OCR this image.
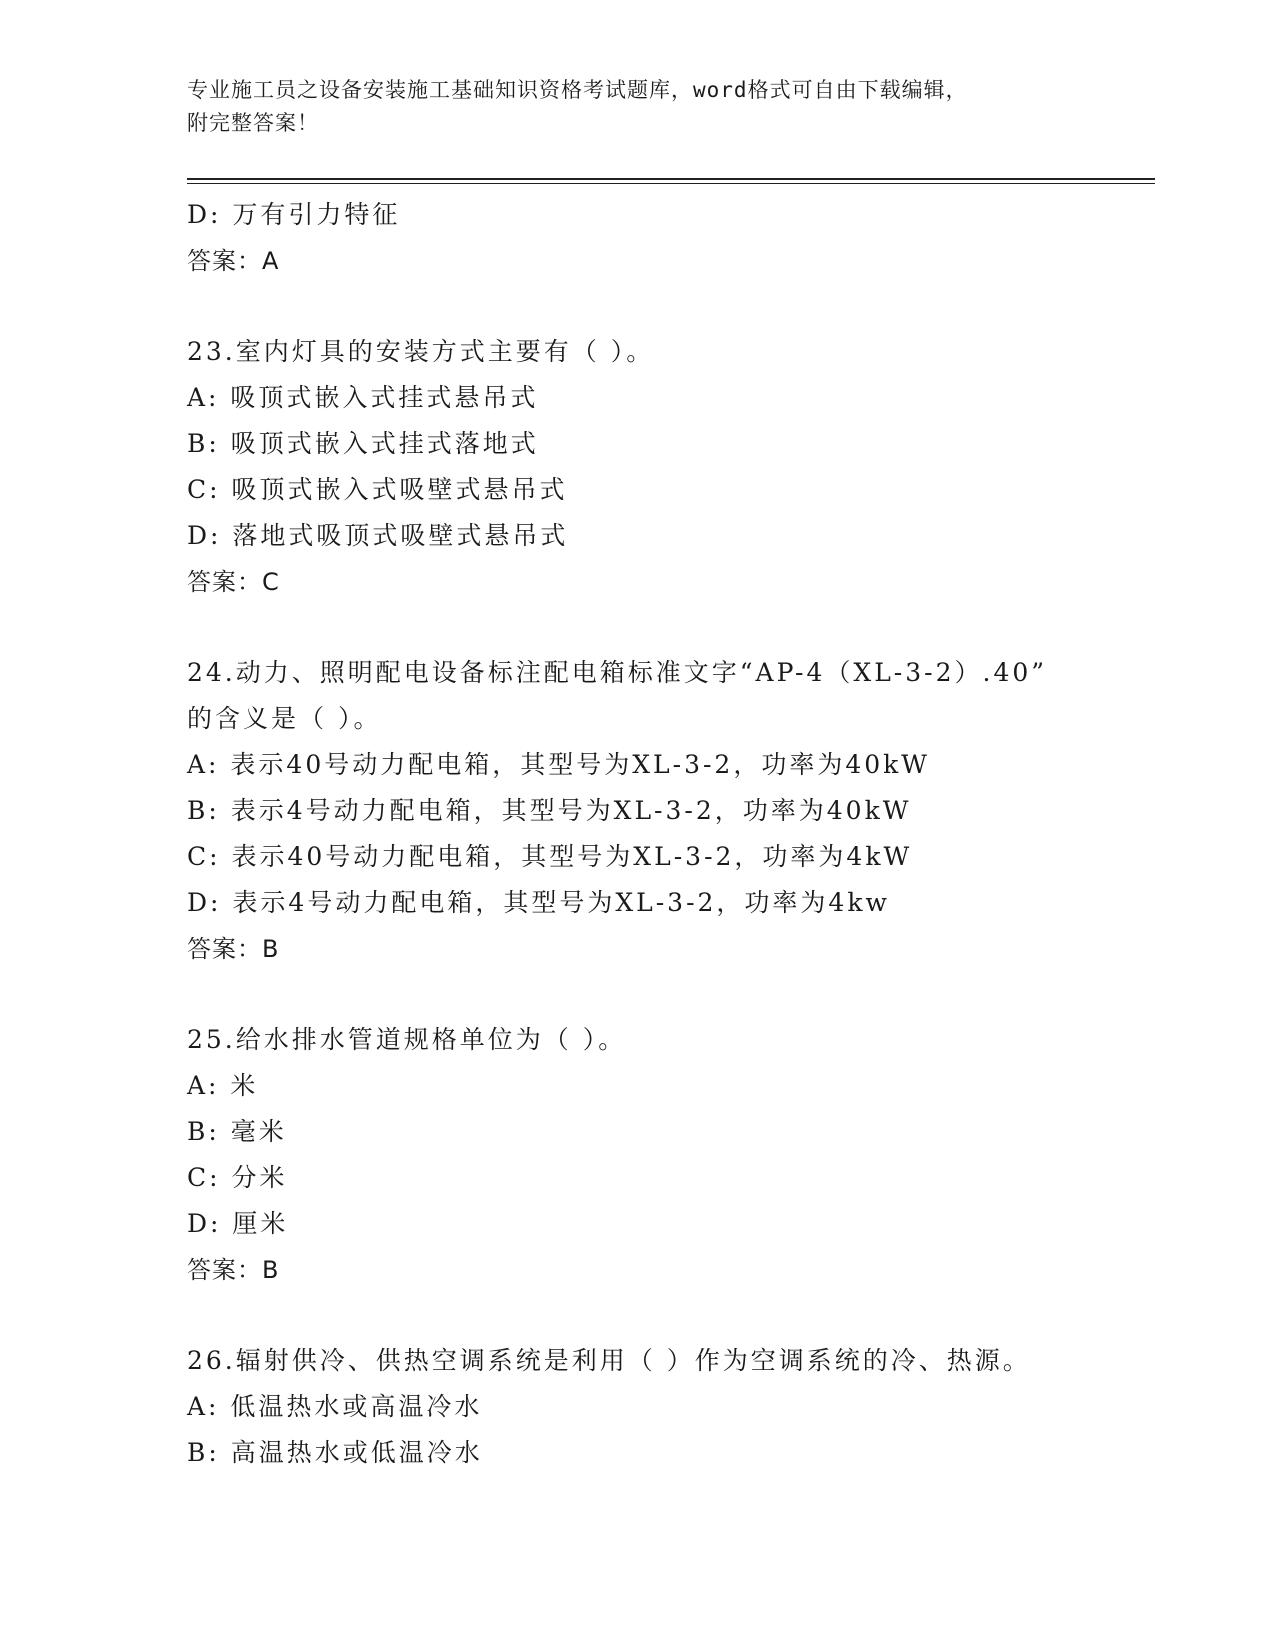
专业施工员之设备安装施工基础知识资格考试题库，word格式可自由下载编辑，
附完整答案！
D: 万有引力特征
答案：A
23.室内灯具的安装方式主要有（ ）。
A: 吸顶式嵌入式挂式悬吊式
B: 吸顶式嵌入式挂式落地式
C: 吸顶式嵌入式吸壁式悬吊式
D: 落地式吸顶式吸壁式悬吊式
答案：C
24.动力、照明配电设备标注配电箱标准文字“AP-4（XL-3-2）.40”
的含义是（ ）。
A: 表示40号动力配电箱，其型号为XL-3-2，功率为40kW
B: 表示4号动力配电箱，其型号为XL-3-2，功率为40kW
C: 表示40号动力配电箱，其型号为XL-3-2，功率为4kW
D: 表示4号动力配电箱，其型号为XL-3-2，功率为4kw
答案：B
25.给水排水管道规格单位为（ ）。
A: 米
B: 毫米
C: 分米
D: 厘米
答案：B
26.辐射供冷、供热空调系统是利用（ ）作为空调系统的冷、热源。
A: 低温热水或高温冷水
B: 高温热水或低温冷水
